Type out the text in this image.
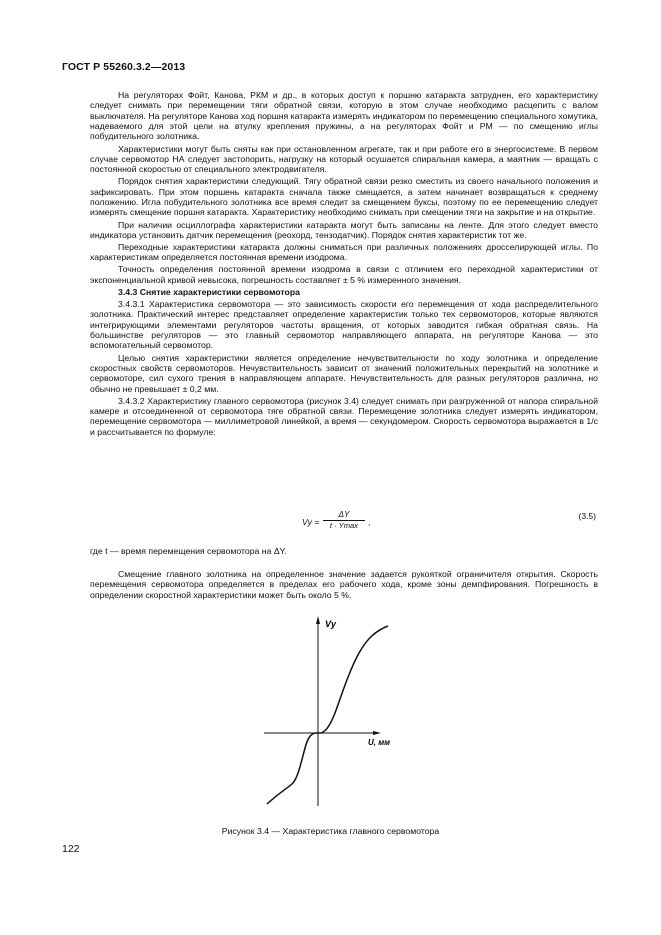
ГОСТ Р 55260.3.2—2013

На регуляторах Фойт, Канова, РКМ и др., в которых доступ к поршню катаракта затруднен, его характеристику следует снимать при перемещении тяги обратной связи, которую в этом случае необходимо расцепить с валом выключателя. На регуляторе Канова ход поршня катаракта измерять индикатором по перемещению специального хомутика, надеваемого для этой цели на втулку крепления пружины, а на регуляторах Фойт и РМ — по смещению иглы побудительного золотника.

Характеристики могут быть сняты как при остановленном агрегате, так и при работе его в энергосистеме. В первом случае сервомотор НА следует застопорить, нагрузку на который осушается спиральная камера, а маятник — вращать с постоянной скоростью от специального электродвигателя.

Порядок снятия характеристики следующий. Тягу обратной связи резко сместить из своего начального положения и зафиксировать. При этом поршень катаракта сначала также смещается, а затем начинает возвращаться к среднему положению. Игла побудительного золотника все время следит за смещением буксы, поэтому по ее перемещению следует измерять смещение поршня катаракта. Характеристику необходимо снимать при смещении тяги на закрытие и на открытие.

При наличии осциллографа характеристики катаракта могут быть записаны на ленте. Для этого следует вместо индикатора установить датчик перемещения (реохорд, тензодатчик). Порядок снятия характеристик тот же.

Переходные характеристики катаракта должны сниматься при различных положениях дросселирующей иглы. По характеристикам определяется постоянная времени изодрома.

Точность определения постоянной времени изодрома в связи с отличием его переходной характеристики от экспоненциальной кривой невысока, погрешность составляет ± 5 % измеренного значения.

3.4.3 Снятие характеристики сервомотора

3.4.3.1 Характеристика сервомотора — это зависимость скорости его перемещения от хода распределительного золотника. Практический интерес представляет определение характеристик только тех сервомоторов, которые являются интегрирующими элементами регуляторов частоты вращения, от которых заводится гибкая обратная связь. На большинстве регуляторов — это главный сервомотор направляющего аппарата, на регуляторе Канова — это вспомогательный сервомотор.

Целью снятия характеристики является определение нечувствительности по ходу золотника и определение скоростных свойств сервомоторов. Нечувствительность зависит от значений положительных перекрытий на золотнике и сервомоторе, сил сухого трения в направляющем аппарате. Нечувствительность для разных регуляторов различна, но обычно не превышает ± 0,2 мм.

3.4.3.2 Характеристику главного сервомотора (рисунок 3.4) следует снимать при разгруженной от напора спиральной камере и отсоединенной от сервомотора тяге обратной связи. Перемещение золотника следует измерять индикатором, перемещение сервомотора — миллиметровой линейкой, а время — секундомером. Скорость сервомотора выражается в 1/с и рассчитывается по формуле:

Vу =
ΔY
t · Ymax	,
(3.5)
где t — время перемещения сервомотора на ΔY.

Смещение главного золотника на определенное значение задается рукояткой ограничителя открытия. Скорость перемещения сервомотора определяется в пределах его рабочего хода, кроме зоны демпфирования. Погрешность в определении скоростной характеристики может быть около 5 %.

Vу
U, мм
Рисунок 3.4 — Характеристика главного сервомотора
122
